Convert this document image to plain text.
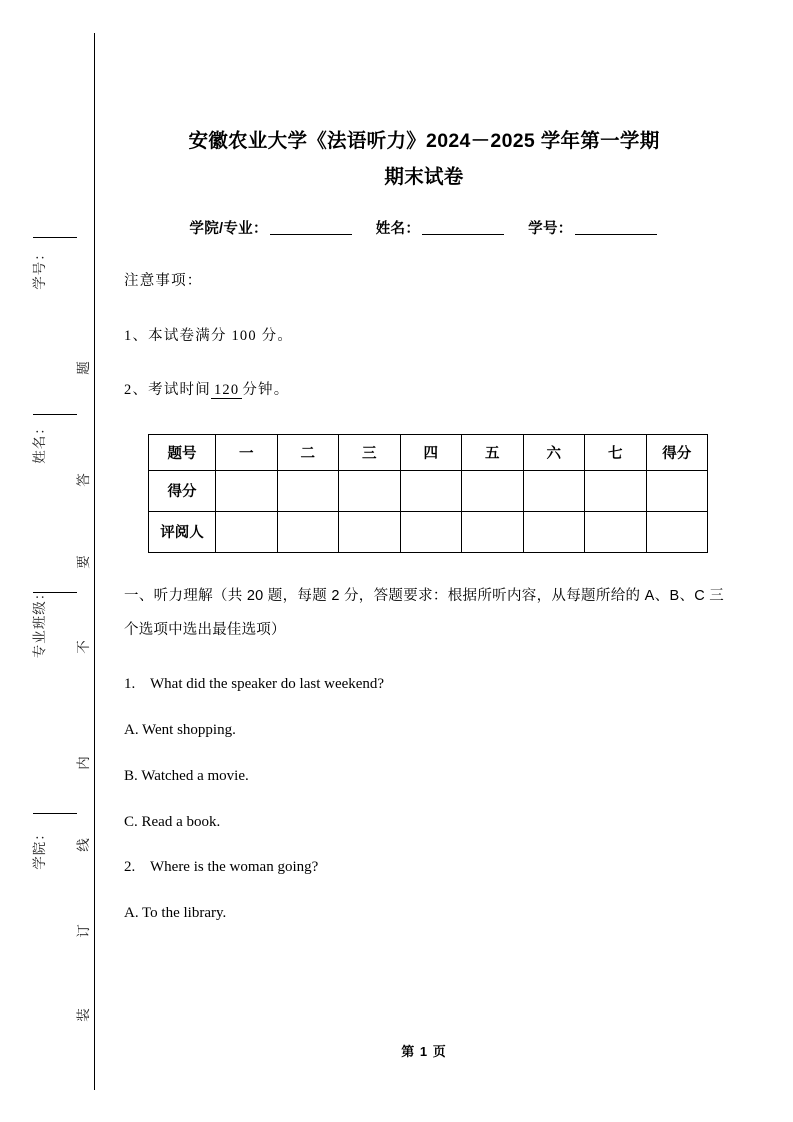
学号：
姓名：
专业班级：
学院：
题
答
要
不
内
线
订
装
安徽农业大学《法语听力》2024－2025 学年第一学期
期末试卷
学院/专业：	姓名：	学号：
注意事项：
1、本试卷满分 100 分。
2、考试时间 120 分钟。
题号	一	二	三	四	五	六	七	得分
得分								
评阅人								
一、听力理解（共 20 题，每题 2 分，答题要求：根据所听内容，从每题所给的 A、B、C 三个选项中选出最佳选项）
1. What did the speaker do last weekend?
A. Went shopping.
B. Watched a movie.
C. Read a book.
2. Where is the woman going?
A. To the library.
第 1 页
